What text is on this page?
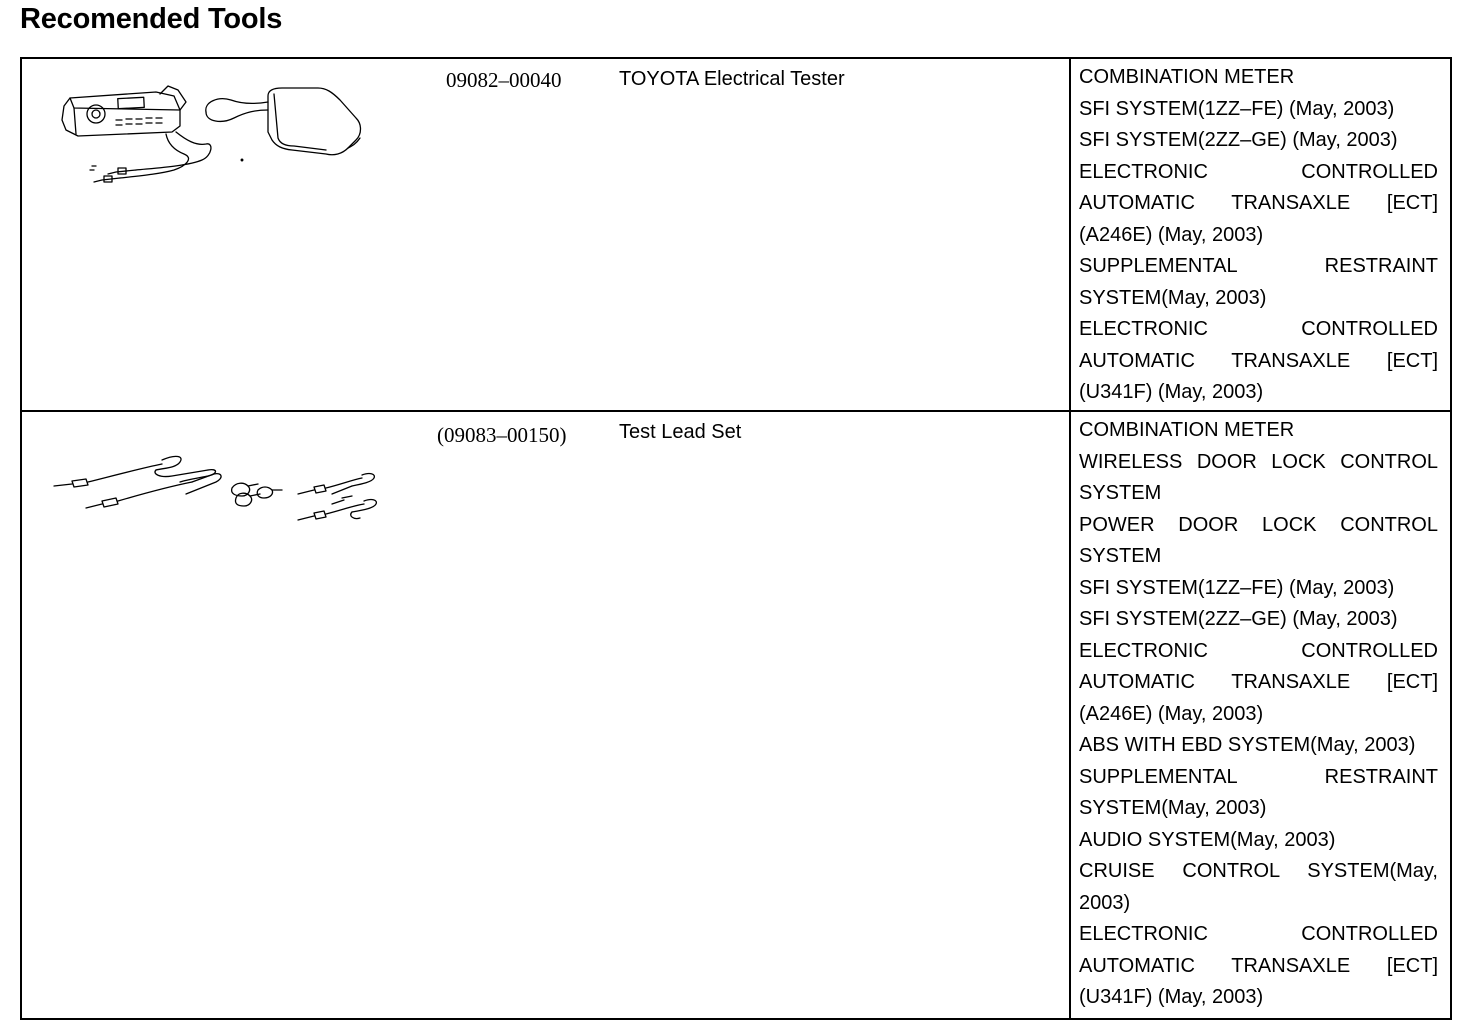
Recomended Tools
09082–00040	TOYOTA Electrical Tester	COMBINATION METER
SFI SYSTEM(1ZZ–FE) (May, 2003)
SFI SYSTEM(2ZZ–GE) (May, 2003)
ELECTRONIC CONTROLLED AUTOMATIC TRANSAXLE [ECT](A246E) (May, 2003)
SUPPLEMENTAL RESTRAINT SYSTEM(May, 2003)
ELECTRONIC CONTROLLED AUTOMATIC TRANSAXLE [ECT](U341F) (May, 2003)
(09083–00150)	Test Lead Set	COMBINATION METER
WIRELESS DOOR LOCK CONTROL SYSTEM
POWER DOOR LOCK CONTROL SYSTEM
SFI SYSTEM(1ZZ–FE) (May, 2003)
SFI SYSTEM(2ZZ–GE) (May, 2003)
ELECTRONIC CONTROLLED AUTOMATIC TRANSAXLE [ECT](A246E) (May, 2003)
ABS WITH EBD SYSTEM(May, 2003)
SUPPLEMENTAL RESTRAINT SYSTEM(May, 2003)
AUDIO SYSTEM(May, 2003)
CRUISE CONTROL SYSTEM(May, 2003)
ELECTRONIC CONTROLLED AUTOMATIC TRANSAXLE [ECT](U341F) (May, 2003)
